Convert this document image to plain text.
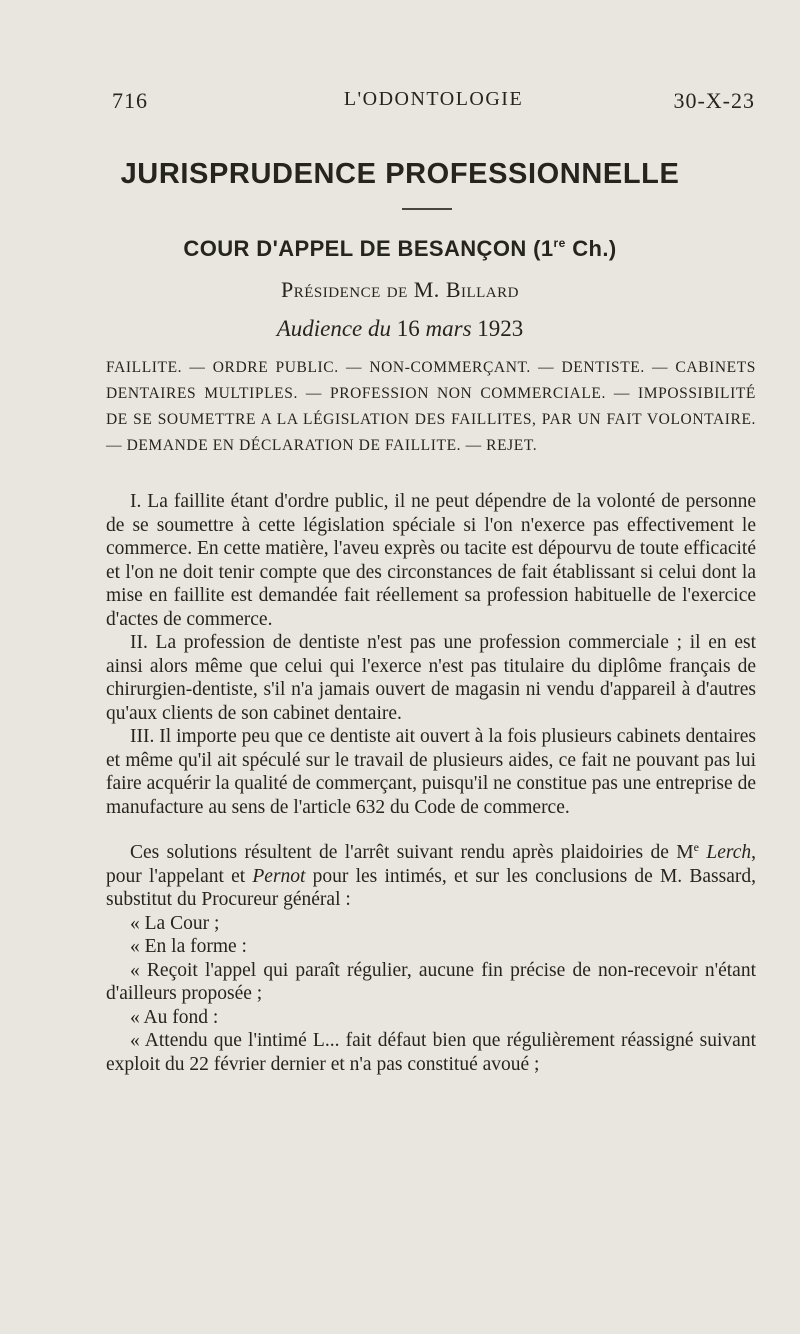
716	L'ODONTOLOGIE	30-X-23
JURISPRUDENCE PROFESSIONNELLE
COUR D'APPEL DE BESANÇON (1re Ch.)
Présidence de M. Billard
Audience du 16 mars 1923
FAILLITE. — ORDRE PUBLIC. — NON-COMMERÇANT. — DENTISTE. — CABINETS DENTAIRES MULTIPLES. — PROFESSION NON COMMERCIALE. — IMPOSSIBILITÉ DE SE SOUMETTRE A LA LÉGISLATION DES FAILLITES, PAR UN FAIT VOLONTAIRE. — DEMANDE EN DÉCLARATION DE FAILLITE. — REJET.

I. La faillite étant d'ordre public, il ne peut dépendre de la volonté de personne de se soumettre à cette législation spéciale si l'on n'exerce pas effectivement le commerce. En cette matière, l'aveu exprès ou tacite est dépourvu de toute efficacité et l'on ne doit tenir compte que des circonstances de fait établissant si celui dont la mise en faillite est demandée fait réellement sa profession habituelle de l'exercice d'actes de commerce.

II. La profession de dentiste n'est pas une profession commerciale ; il en est ainsi alors même que celui qui l'exerce n'est pas titulaire du diplôme français de chirurgien-dentiste, s'il n'a jamais ouvert de magasin ni vendu d'appareil à d'autres qu'aux clients de son cabinet dentaire.

III. Il importe peu que ce dentiste ait ouvert à la fois plusieurs cabinets dentaires et même qu'il ait spéculé sur le travail de plusieurs aides, ce fait ne pouvant pas lui faire acquérir la qualité de commerçant, puisqu'il ne constitue pas une entreprise de manufacture au sens de l'article 632 du Code de commerce.

Ces solutions résultent de l'arrêt suivant rendu après plaidoiries de Me Lerch, pour l'appelant et Pernot pour les intimés, et sur les conclusions de M. Bassard, substitut du Procureur général :

« La Cour ;

« En la forme :

« Reçoit l'appel qui paraît régulier, aucune fin précise de non-recevoir n'étant d'ailleurs proposée ;

« Au fond :

« Attendu que l'intimé L... fait défaut bien que régulièrement réassigné suivant exploit du 22 février dernier et n'a pas constitué avoué ;
